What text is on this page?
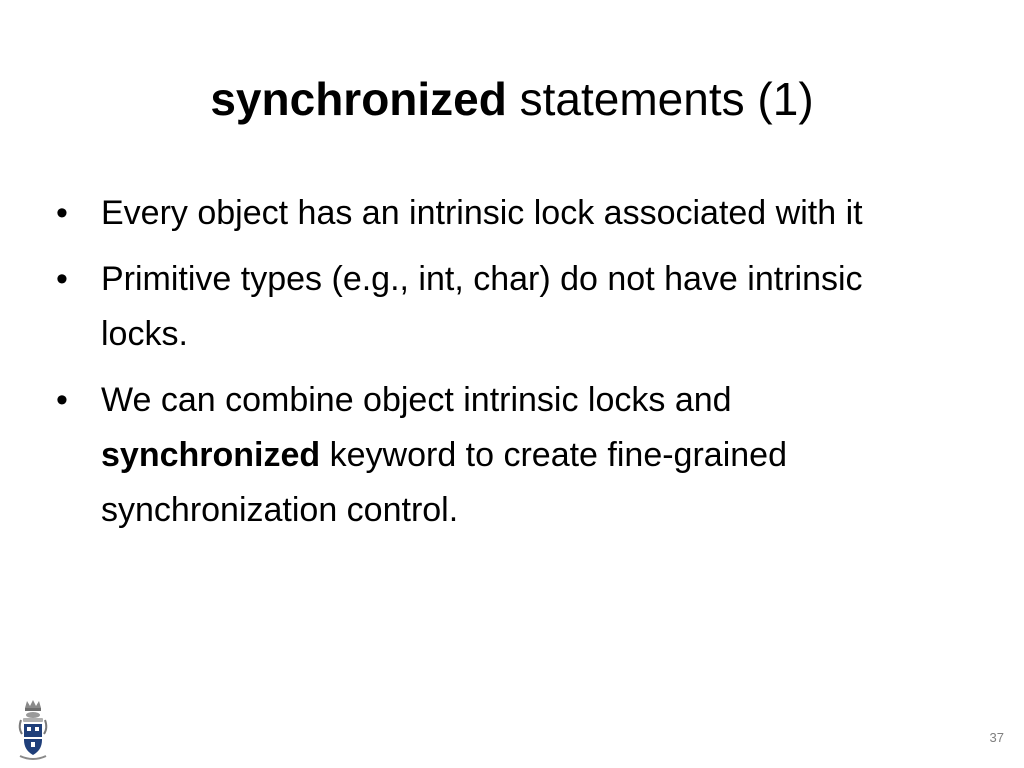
synchronized statements (1)
• Every object has an intrinsic lock associated with it
• Primitive types (e.g., int, char) do not have intrinsic locks.
• We can combine object intrinsic locks and synchronized keyword to create fine-grained synchronization control.
37
